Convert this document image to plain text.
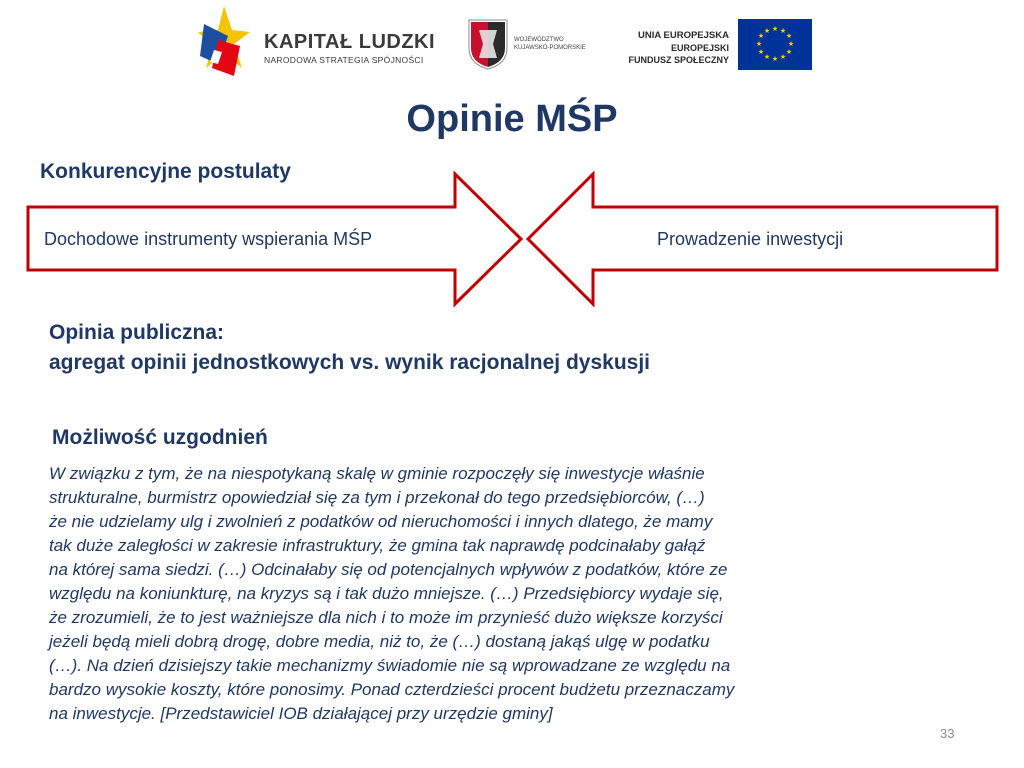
KAPITAŁ LUDZKI
NARODOWA STRATEGIA SPÓJNOŚCI
WOJEWÓDZTWO
KUJAWSKO-POMORSKIE
UNIA EUROPEJSKA
EUROPEJSKI
FUNDUSZ SPOŁECZNY
★ ★
★
★
★
★
★
★
★
★
★
★
Opinie MŚP
Konkurencyjne postulaty
Dochodowe instrumenty wspierania MŚP	Prowadzenie inwestycji
Opinia publiczna:
agregat opinii jednostkowych vs. wynik racjonalnej dyskusji
Możliwość uzgodnień
W związku z tym, że na niespotykaną skalę w gminie rozpoczęły się inwestycje właśnie
strukturalne, burmistrz opowiedział się za tym i przekonał do tego przedsiębiorców, (…)
że nie udzielamy ulg i zwolnień z podatków od nieruchomości i innych dlatego, że mamy
tak duże zaległości w zakresie infrastruktury, że gmina tak naprawdę podcinałaby gałąź
na której sama siedzi. (…) Odcinałaby się od potencjalnych wpływów z podatków, które ze
względu na koniunkturę, na kryzys są i tak dużo mniejsze. (…) Przedsiębiorcy wydaje się,
że zrozumieli, że to jest ważniejsze dla nich i to może im przynieść dużo większe korzyści
jeżeli będą mieli dobrą drogę, dobre media, niż to, że (…) dostaną jakąś ulgę w podatku
(…). Na dzień dzisiejszy takie mechanizmy świadomie nie są wprowadzane ze względu na
bardzo wysokie koszty, które ponosimy. Ponad czterdzieści procent budżetu przeznaczamy
na inwestycje. [Przedstawiciel IOB działającej przy urzędzie gminy]
33
